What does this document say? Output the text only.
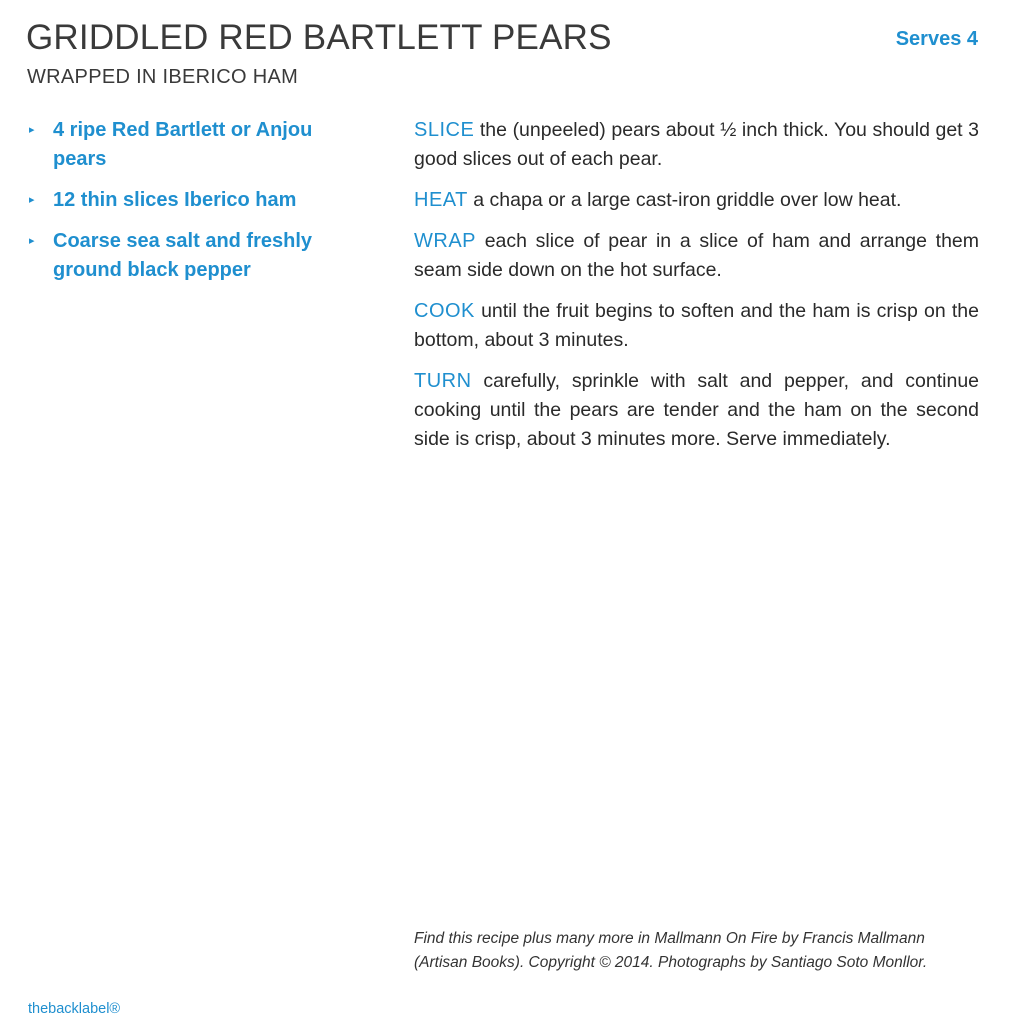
GRIDDLED RED BARTLETT PEARS
WRAPPED IN IBERICO HAM
Serves 4
▸ 4 ripe Red Bartlett or Anjou pears
▸ 12 thin slices Iberico ham
▸ Coarse sea salt and freshly ground black pepper

SLICE the (unpeeled) pears about ½ inch thick. You should get 3 good slices out of each pear.

HEAT a chapa or a large cast-iron griddle over low heat.

WRAP each slice of pear in a slice of ham and arrange them seam side down on the hot surface.

COOK until the fruit begins to soften and the ham is crisp on the bottom, about 3 minutes.

TURN carefully, sprinkle with salt and pepper, and continue cooking until the pears are tender and the ham on the second side is crisp, about 3 minutes more. Serve immediately.

Find this recipe plus many more in Mallmann On Fire by Francis Mallmann (Artisan Books). Copyright © 2014. Photographs by Santiago Soto Monllor.

thebacklabel®
